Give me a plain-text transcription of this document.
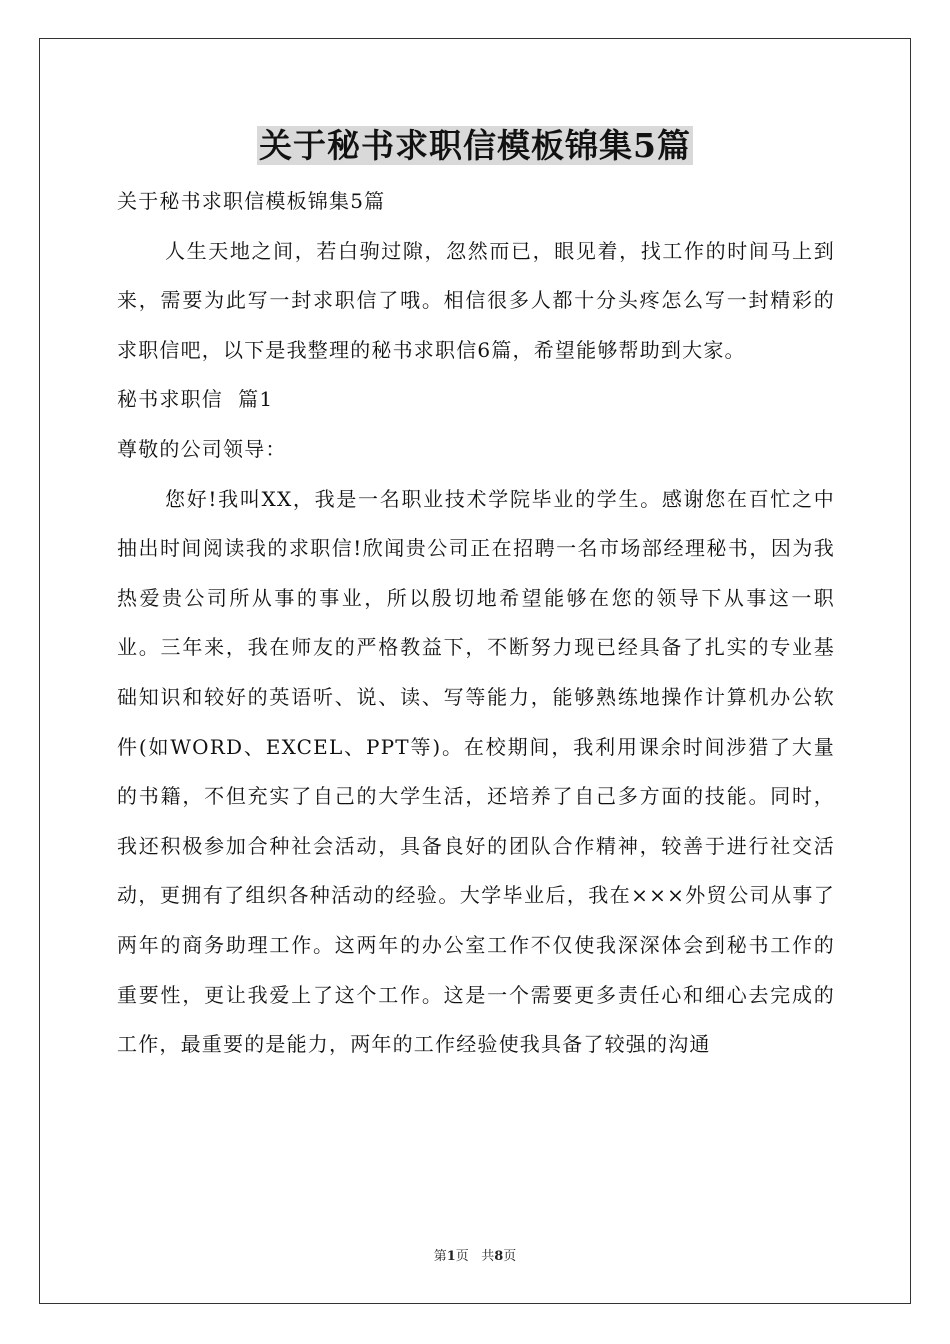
关于秘书求职信模板锦集5篇

关于秘书求职信模板锦集5篇

人生天地之间，若白驹过隙，忽然而已，眼见着，找工作的时间马上到来，需要为此写一封求职信了哦。相信很多人都十分头疼怎么写一封精彩的求职信吧，以下是我整理的秘书求职信6篇，希望能够帮助到大家。

秘书求职信  篇1

尊敬的公司领导：

您好!我叫XX，我是一名职业技术学院毕业的学生。感谢您在百忙之中抽出时间阅读我的求职信!欣闻贵公司正在招聘一名市场部经理秘书，因为我热爱贵公司所从事的事业，所以殷切地希望能够在您的领导下从事这一职业。三年来，我在师友的严格教益下，不断努力现已经具备了扎实的专业基础知识和较好的英语听、说、读、写等能力，能够熟练地操作计算机办公软件(如WORD、EXCEL、PPT等)。在校期间，我利用课余时间涉猎了大量的书籍，不但充实了自己的大学生活，还培养了自己多方面的技能。同时，我还积极参加合种社会活动，具备良好的团队合作精神，较善于进行社交活动，更拥有了组织各种活动的经验。大学毕业后，我在×××外贸公司从事了两年的商务助理工作。这两年的办公室工作不仅使我深深体会到秘书工作的重要性，更让我爱上了这个工作。这是一个需要更多责任心和细心去完成的工作，最重要的是能力，两年的工作经验使我具备了较强的沟通

第1页   共8页
